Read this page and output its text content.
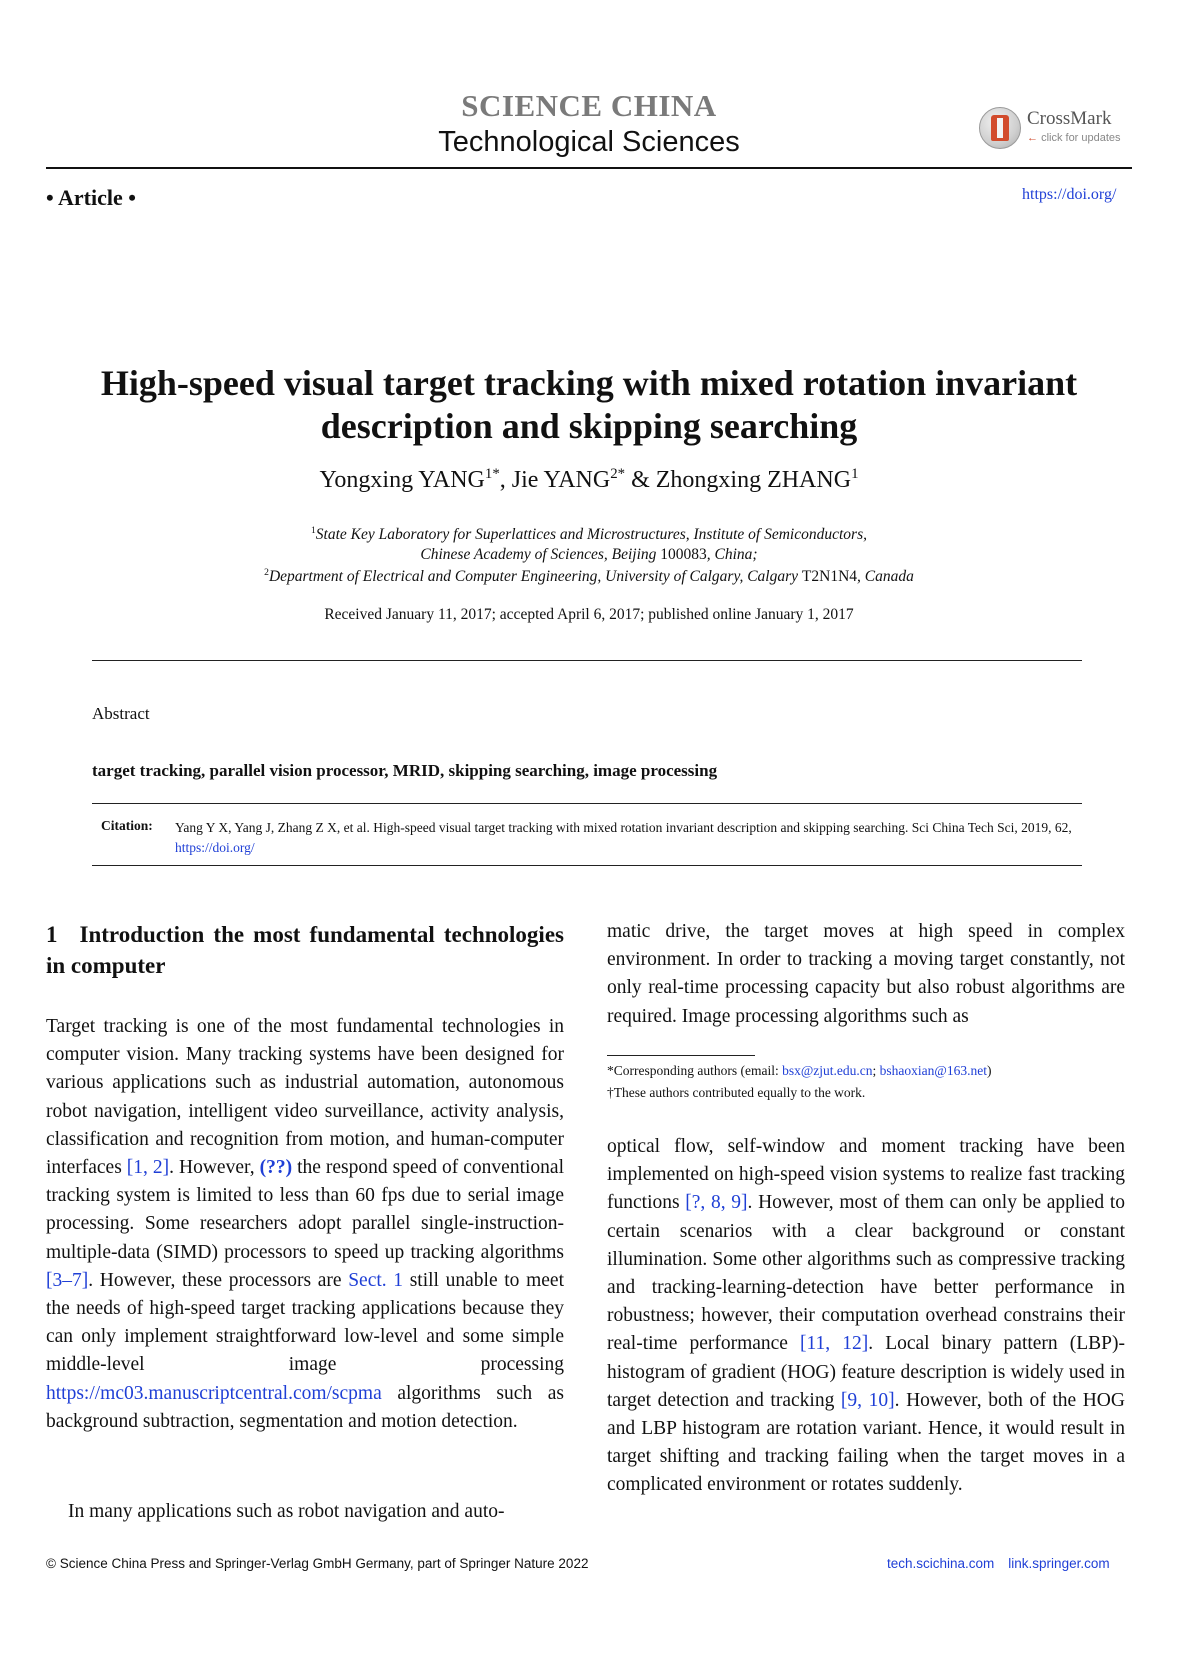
SCIENCE CHINA
Technological Sciences
CrossMark
← click for updates
• Article •	https://doi.org/
High-speed visual target tracking with mixed rotation invariant
description and skipping searching
Yongxing $YANG^{1*}$, Jie $YANG^{2*}$ & Zhongxing ZHANG$^1$
$^1$State Key Laboratory for Superlattices and Microstructures, Institute of Semiconductors,
Chinese Academy of Sciences, Beijing 100083, China;
$^2$Department of Electrical and Computer Engineering, University of Calgary, Calgary T2N1N4, Canada
Received January 11, 2017; accepted April 6, 2017; published online January 1, 2017
Abstract
target tracking, parallel vision processor, MRID, skipping searching, image processing
Citation: Yang Y X, Yang J, Zhang Z X, et al. High-speed visual target tracking with mixed rotation invariant description and skipping searching. Sci China Tech Sci, 2019, 62, https://doi.org/
1 Introduction the most fundamental technologies in computer
Target tracking is one of the most fundamental technologies in computer vision. Many tracking systems have been designed for various applications such as industrial automation, autonomous robot navigation, intelligent video surveillance, activity analysis, classification and recognition from motion, and human-computer interfaces [1, 2]. However, (??) the respond speed of conventional tracking system is limited to less than 60 fps due to serial image processing. Some researchers adopt parallel single-instruction-multiple-data (SIMD) processors to speed up tracking algorithms [3–7]. However, these processors are Sect. 1 still unable to meet the needs of high-speed target tracking applications because they can only implement straightforward low-level and some simple middle-level image processing https://mc03.manuscriptcentral.com/scpma algorithms such as background subtraction, segmentation and motion detection.
In many applications such as robot navigation and auto-
matic drive, the target moves at high speed in complex environment. In order to tracking a moving target constantly, not only real-time processing capacity but also robust algorithms are required. Image processing algorithms such as
*Corresponding authors (email: bsx@zjut.edu.cn; bshaoxian@163.net)
†These authors contributed equally to the work.
optical flow, self-window and moment tracking have been implemented on high-speed vision systems to realize fast tracking functions [?, 8, 9]. However, most of them can only be applied to certain scenarios with a clear background or constant illumination. Some other algorithms such as compressive tracking and tracking-learning-detection have better performance in robustness; however, their computation overhead constrains their real-time performance [11, 12]. Local binary pattern (LBP)-histogram of gradient (HOG) feature description is widely used in target detection and tracking [9, 10]. However, both of the HOG and LBP histogram are rotation variant. Hence, it would result in target shifting and tracking failing when the target moves in a complicated environment or rotates suddenly.
© Science China Press and Springer-Verlag GmbH Germany, part of Springer Nature 2022	tech.scichina.com link.springer.com
